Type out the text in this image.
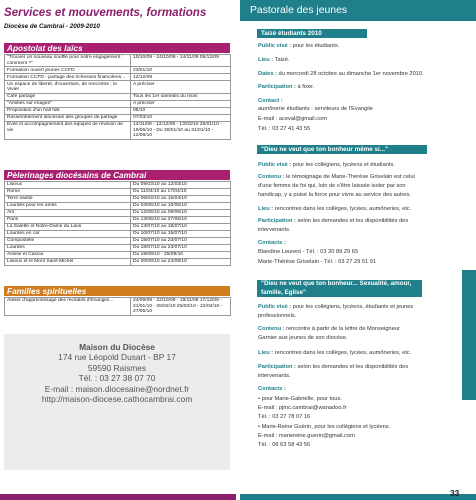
Services et mouvements, formations
Diocèse de Cambrai - 2009-2010
Apostolat des laïcs
"Trouver un nouveau souffle pour notre engagement : comment ?"	10/10/09 - 24/10/09 - 14/11/09 05/12/09
Formation ouvert jeunes CCFD	23/01/10
Formation CCFD - partage des richesses financières...	12/12/09
Un espace de liberté, d'ouverture, de rencontre : le Vivier	A préciser
Café partage	Tous les 1er samedis du mois
"Amitiés sur images"	A préciser
Proposition d'un hall folk	05/10
Rassemblement diocésain des groupes de partage	07/03/10
Eveil et accompagnement des équipes de révision de vie	14/11/09 - 12/12/09 - 13/03/10 28/01/10 - 19/06/10 - Du 30/01/10 au 31/01/10 - 12/06/10
Pèlerinages diocésains de Cambrai
Lisieux	Du 09/03/10 au 12/03/10
Rome	Du 11/04/10 au 17/04/10
Terre sainte	Du 06/04/10 au 15/04/10
Lourdes pour les aînés	Du 04/05/10 au 10/05/10
Ars	Du 12/05/10 au 09/05/10
Paris	Du 13/05/10 au 27/05/10
La Salette et Notre-Dame du Laus	Du 13/07/10 au 18/07/10
Lourdes en car	Du 10/07/10 au 15/07/10
Compostelle	Du 15/07/10 au 23/07/10
Lourdes	Du 18/07/10 au 23/07/10
Assise et Cascia	Du 19/09/10 - 25/09/10
Lisieux et le Mont Saint-Michel	Du 20/09/10 au 24/09/10
Familles spirituelles
Atelier d'apprentissage des récitatifs d'Evangile...	24/09/09 - 22/10/09 - 19/11/09 17/12/09 - 21/01/10 - 25/02/10 25/03/10 - 22/04/10 - 27/05/10
Maison du Diocèse
174 rue Léopold Dusart - BP 17
59590 Raismes
Tél. : 03 27 38 07 70
E-mail : maison.diocesaine@nordnet.fr
http://maison-diocese.cathocambrai.com
Pastorale des jeunes
Taizé étudiants 2010
Public visé : pour les étudiants.
Lieu : Taizé.
Dates : du mercredi 28 octobre au dimanche 1er novembre 2010.
Participation : à fixer.
Contact :
aumônerie étudiants - serviteurs de l'Evangile
E-mail : aceval@gmail.com
Tél. : 03 27 41 43 55
"Dieu ne veut que ton bonheur même si..."
Public visé : pour les collégiens, lycéens et étudiants.
Contenu : le témoignage de Marie-Thérèse Griselain est celui
d'une femme de foi qui, loin de s'être laissée isoler par son
handicap, y a puisé la force pour vivre au service des autres.
Lieu : rencontres dans les collèges, lycées, aumôneries, etc.
Participation : selon les demandes et les disponibilités des
intervenants.
Contacts :
Blandine Leurent - Tél. : 03 20 89 29 65
Marie-Thérèse Griselain - Tél. : 03 27 29 51 91
"Dieu ne veut que ton bonheur... Sexualité, amour, famille, Eglise"
Public visé : pour les collégiens, lycéens, étudiants et jeunes
professionnels.
Contenu : rencontre à partir de la lettre de Monseigneur
Garnier aux jeunes de son diocèse.
Lieu : rencontres dans les collèges, lycées, aumôneries, etc.
Participation : selon les demandes et les disponibilités des
intervenants.
Contacts :
• pour Marie-Gabrielle, pour tous.
E-mail : pjmc.cambrai@wanadoo.fr
Tél. : 03 27 78 07 16
• Marie-Reine Guérin, pour les collégiens et lycéens.
E-mail : mariereine.guerin@gmail.com
Tél. : 06 63 58 43 56
33
